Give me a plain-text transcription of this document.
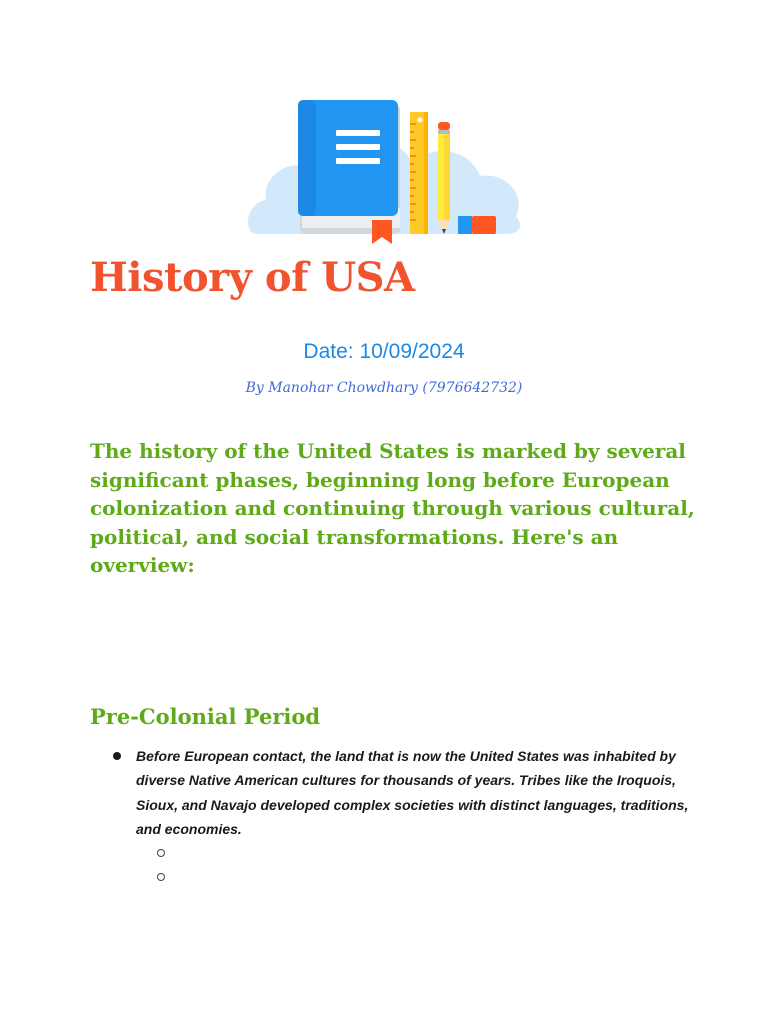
History of USA
Date: 10/09/2024
By Manohar Chowdhary (7976642732)

The history of the United States is marked by several significant phases, beginning long before European colonization and continuing through various cultural, political, and social transformations. Here's an overview:

Pre-Colonial Period
Before European contact, the land that is now the United States was inhabited by diverse Native American cultures for thousands of years. Tribes like the Iroquois, Sioux, and Navajo developed complex societies with distinct languages, traditions, and economies.
